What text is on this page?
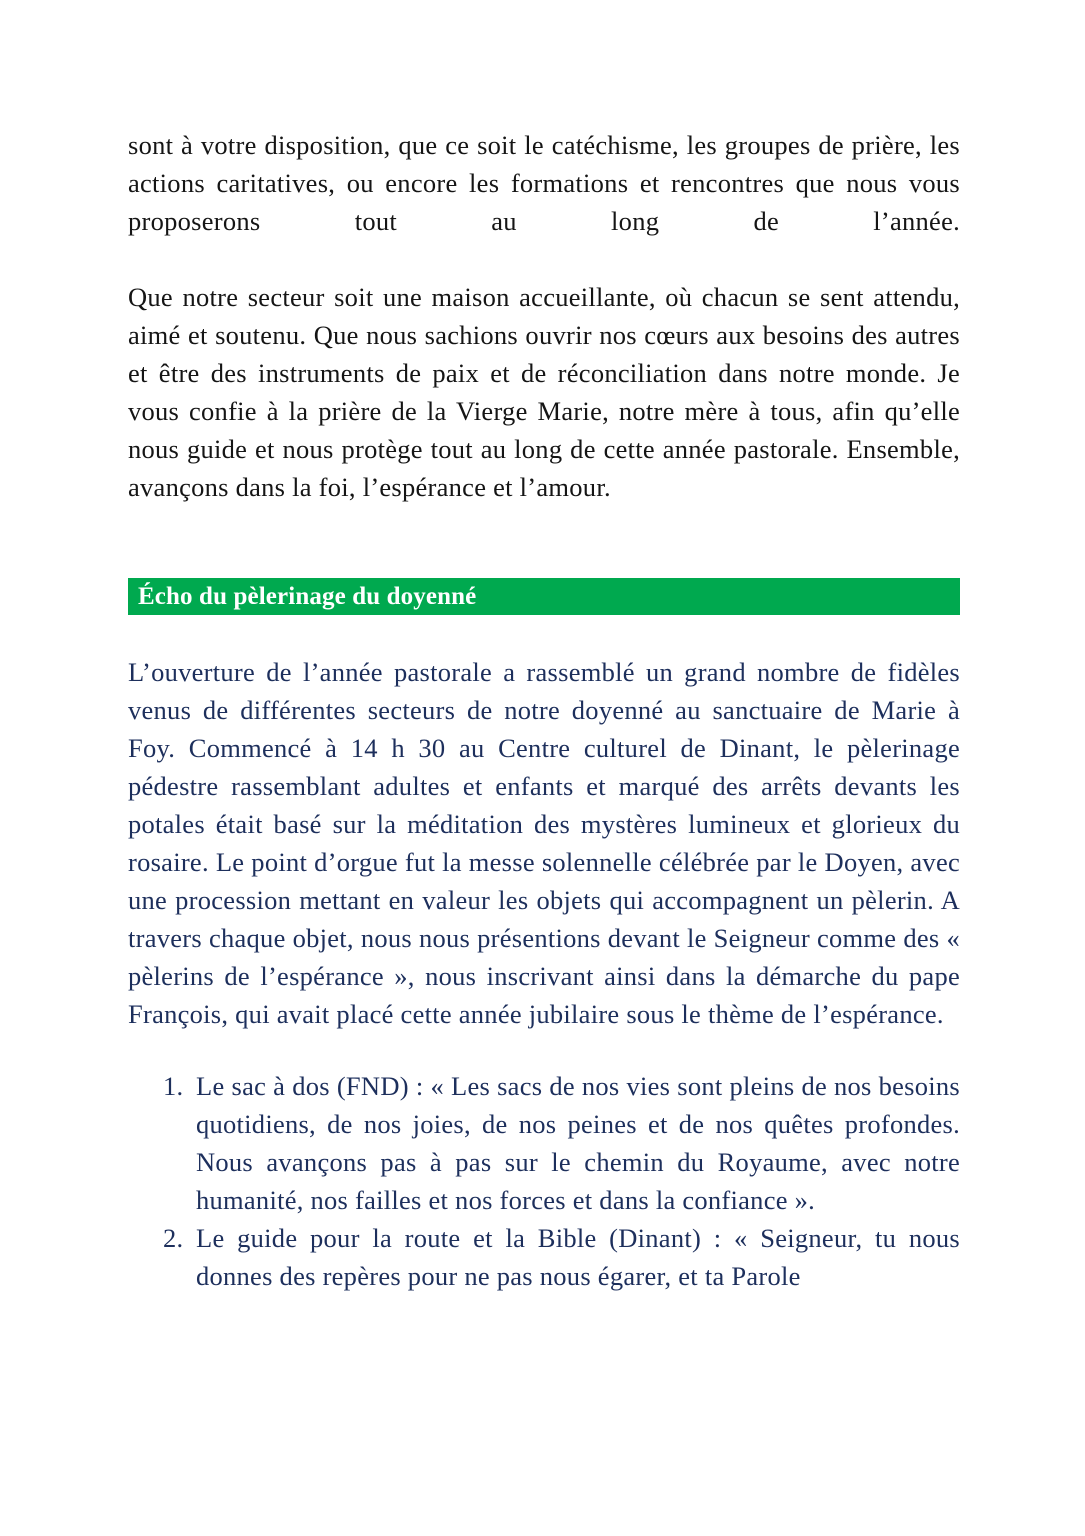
sont à votre disposition, que ce soit le catéchisme, les groupes de prière, les actions caritatives, ou encore les formations et rencontres que nous vous proposerons tout au long de l’année.

Que notre secteur soit une maison accueillante, où chacun se sent attendu, aimé et soutenu. Que nous sachions ouvrir nos cœurs aux besoins des autres et être des instruments de paix et de réconciliation dans notre monde. Je vous confie à la prière de la Vierge Marie, notre mère à tous, afin qu’elle nous guide et nous protège tout au long de cette année pastorale. Ensemble, avançons dans la foi, l’espérance et l’amour.

Écho du pèlerinage du doyenné

L’ouverture de l’année pastorale a rassemblé un grand nombre de fidèles venus de différentes secteurs de notre doyenné au sanctuaire de Marie à Foy. Commencé à 14 h 30 au Centre culturel de Dinant, le pèlerinage pédestre rassemblant adultes et enfants et marqué des arrêts devants les potales était basé sur la méditation des mystères lumineux et glorieux du rosaire. Le point d’orgue fut la messe solennelle célébrée par le Doyen, avec une procession mettant en valeur les objets qui accompagnent un pèlerin. A travers chaque objet, nous nous présentions devant le Seigneur comme des « pèlerins de l’espérance », nous inscrivant ainsi dans la démarche du pape François, qui avait placé cette année jubilaire sous le thème de l’espérance.

Le sac à dos (FND) : « Les sacs de nos vies sont pleins de nos besoins quotidiens, de nos joies, de nos peines et de nos quêtes profondes. Nous avançons pas à pas sur le chemin du Royaume, avec notre humanité, nos failles et nos forces et dans la confiance ».
Le guide pour la route et la Bible (Dinant) : « Seigneur, tu nous donnes des repères pour ne pas nous égarer, et ta Parole
